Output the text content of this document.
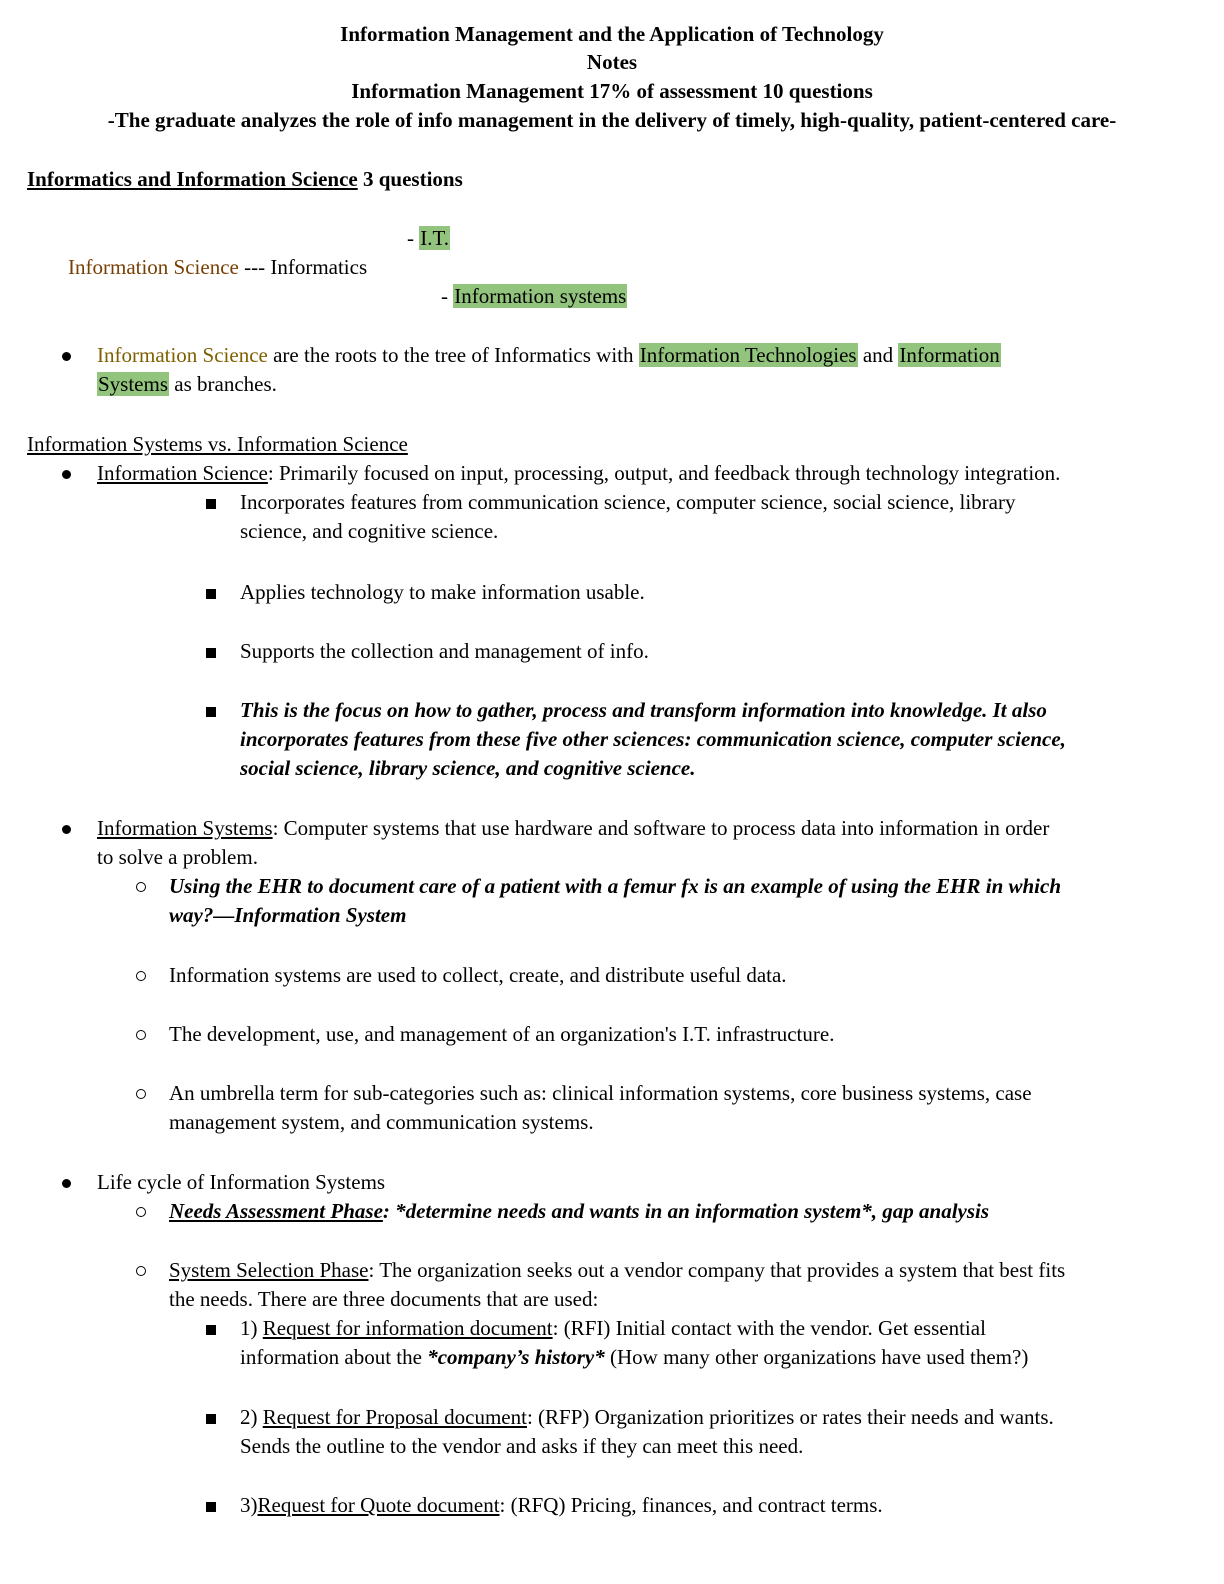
Information Management and the Application of Technology
Notes
Information Management 17% of assessment 10 questions
-The graduate analyzes the role of info management in the delivery of timely, high-quality, patient-centered care-
Informatics and Information Science 3 questions
- I.T.
Information Science --- Informatics
- Information systems
Information Science are the roots to the tree of Informatics with Information Technologies and Information
Systems as branches.
Information Systems vs. Information Science
Information Science: Primarily focused on input, processing, output, and feedback through technology integration.
Incorporates features from communication science, computer science, social science, library
science, and cognitive science.
Applies technology to make information usable.
Supports the collection and management of info.
This is the focus on how to gather, process and transform information into knowledge. It also
incorporates features from these five other sciences: communication science, computer science,
social science, library science, and cognitive science.
Information Systems: Computer systems that use hardware and software to process data into information in order
to solve a problem.
Using the EHR to document care of a patient with a femur fx is an example of using the EHR in which
way?—Information System
Information systems are used to collect, create, and distribute useful data.
The development, use, and management of an organization's I.T. infrastructure.
An umbrella term for sub-categories such as: clinical information systems, core business systems, case
management system, and communication systems.
Life cycle of Information Systems
Needs Assessment Phase: *determine needs and wants in an information system*, gap analysis
System Selection Phase: The organization seeks out a vendor company that provides a system that best fits
the needs. There are three documents that are used:
1) Request for information document: (RFI) Initial contact with the vendor. Get essential
information about the *company’s history* (How many other organizations have used them?)
2) Request for Proposal document: (RFP) Organization prioritizes or rates their needs and wants.
Sends the outline to the vendor and asks if they can meet this need.
3)Request for Quote document: (RFQ) Pricing, finances, and contract terms.
